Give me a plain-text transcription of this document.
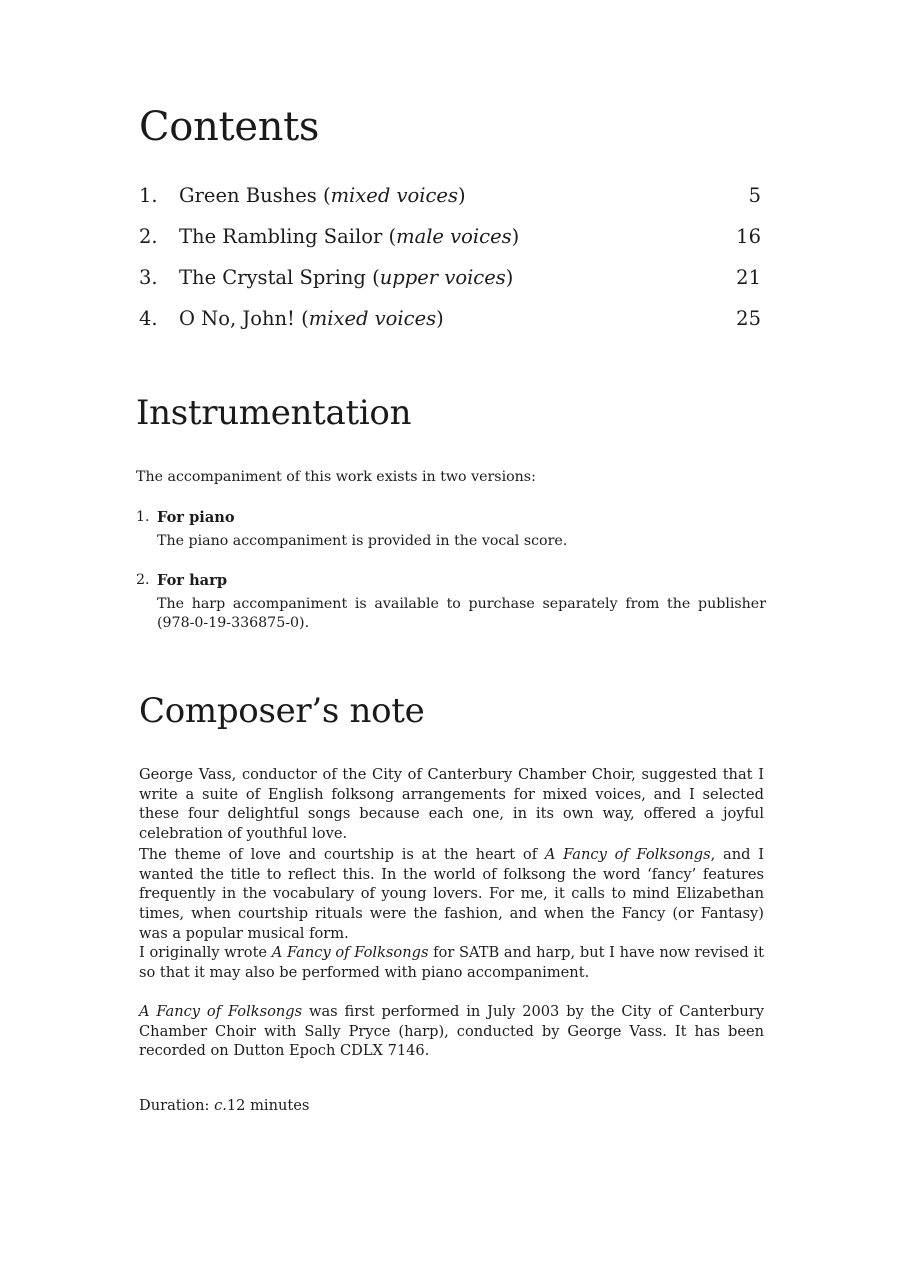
Contents
1. Green Bushes (mixed voices)	5
2. The Rambling Sailor (male voices)	16
3. The Crystal Spring (upper voices)	21
4. O No, John! (mixed voices)	25
Instrumentation

The accompaniment of this work exists in two versions:

1. For piano

The piano accompaniment is provided in the vocal score.

2. For harp

The harp accompaniment is available to purchase separately from the publisher (978-0-19-336875-0).

Composer’s note

George Vass, conductor of the City of Canterbury Chamber Choir, suggested that I write a suite of English folksong arrangements for mixed voices, and I selected these four delightful songs because each one, in its own way, offered a joyful celebration of youthful love.

The theme of love and courtship is at the heart of A Fancy of Folksongs, and I wanted the title to reflect this. In the world of folksong the word ‘fancy’ features frequently in the vocabulary of young lovers. For me, it calls to mind Elizabethan times, when courtship rituals were the fashion, and when the Fancy (or Fantasy) was a popular musical form.

I originally wrote A Fancy of Folksongs for SATB and harp, but I have now revised it so that it may also be performed with piano accompaniment.

A Fancy of Folksongs was first performed in July 2003 by the City of Canterbury Chamber Choir with Sally Pryce (harp), conducted by George Vass. It has been recorded on Dutton Epoch CDLX 7146.

Duration: c.12 minutes
